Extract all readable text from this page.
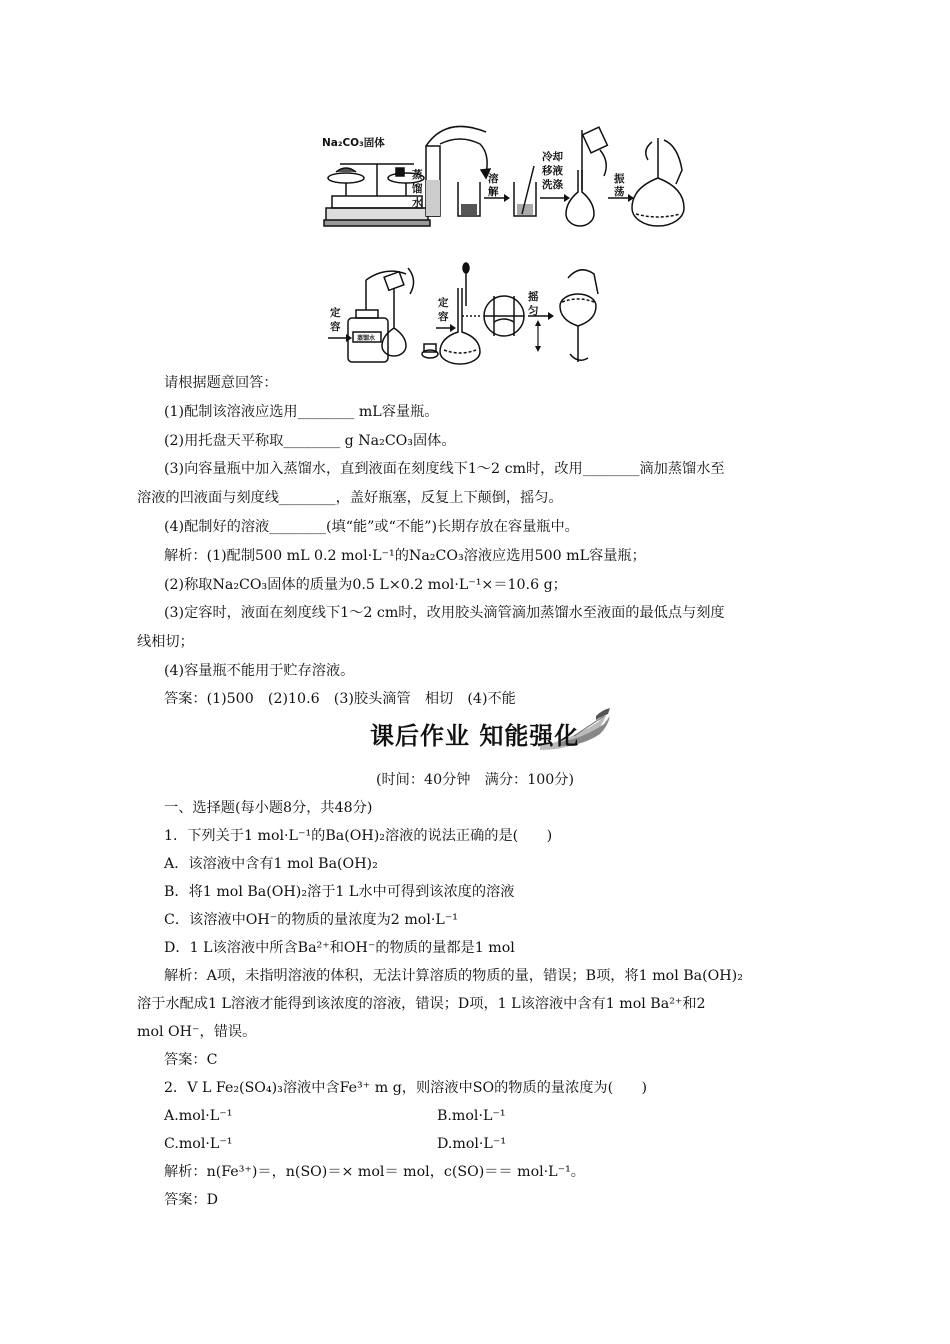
Na₂CO₃固体
蒸
馏
水
溶
解
冷却
移液
洗涤	振
荡
定
容
蒸馏水
定
容
摇
匀
请根据题意回答：
(1)配制该溶液应选用________ mL容量瓶。
(2)用托盘天平称取________ g Na₂CO₃固体。
(3)向容量瓶中加入蒸馏水，直到液面在刻度线下1～2 cm时，改用________滴加蒸馏水至
溶液的凹液面与刻度线________，盖好瓶塞，反复上下颠倒，摇匀。
(4)配制好的溶液________(填“能”或“不能”)长期存放在容量瓶中。
解析：(1)配制500 mL 0.2 mol·L⁻¹的Na₂CO₃溶液应选用500 mL容量瓶；
(2)称取Na₂CO₃固体的质量为0.5 L×0.2 mol·L⁻¹×＝10.6 g；
(3)定容时，液面在刻度线下1～2 cm时，改用胶头滴管滴加蒸馏水至液面的最低点与刻度
线相切；
(4)容量瓶不能用于贮存溶液。
答案：(1)500　(2)10.6　(3)胶头滴管　相切　(4)不能
课后作业 知能强化
(时间：40分钟　满分：100分)
一、选择题(每小题8分，共48分)
1．下列关于1 mol·L⁻¹的Ba(OH)₂溶液的说法正确的是(　　)
A．该溶液中含有1 mol Ba(OH)₂
B．将1 mol Ba(OH)₂溶于1 L水中可得到该浓度的溶液
C．该溶液中OH⁻的物质的量浓度为2 mol·L⁻¹
D．1 L该溶液中所含Ba²⁺和OH⁻的物质的量都是1 mol
解析：A项，未指明溶液的体积，无法计算溶质的物质的量，错误；B项，将1 mol Ba(OH)₂
溶于水配成1 L溶液才能得到该浓度的溶液，错误；D项，1 L该溶液中含有1 mol Ba²⁺和2
mol OH⁻，错误。
答案：C
2．V L Fe₂(SO₄)₃溶液中含Fe³⁺ m g，则溶液中SO的物质的量浓度为(　　)
A.mol·L⁻¹	B.mol·L⁻¹
C.mol·L⁻¹	D.mol·L⁻¹
解析：n(Fe³⁺)＝，n(SO)＝× mol＝ mol，c(SO)＝＝ mol·L⁻¹。
答案：D
